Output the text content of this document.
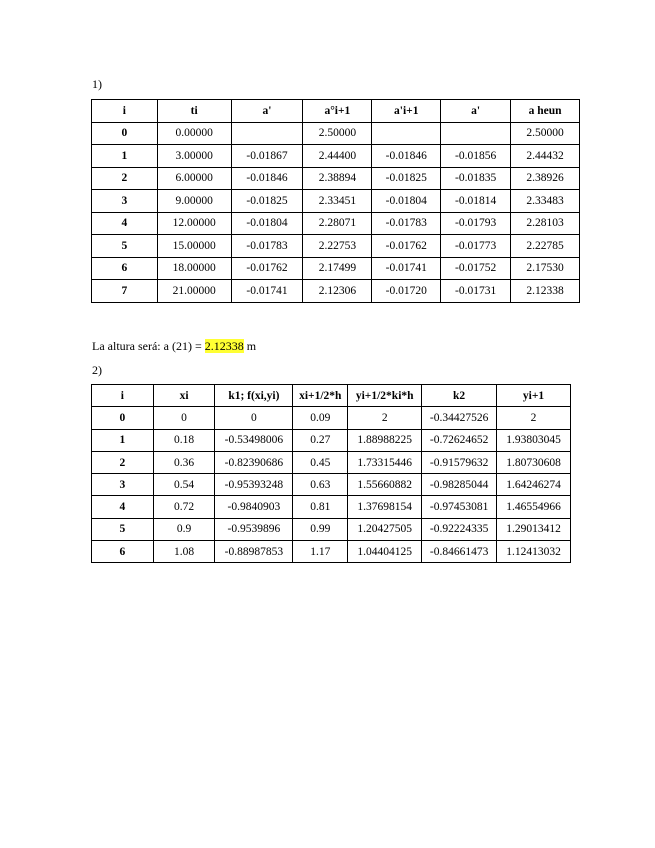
1)
i	ti	a'	a°i+1	a'i+1	a'	a heun
0	0.00000		2.50000			2.50000
1	3.00000	-0.01867	2.44400	-0.01846	-0.01856	2.44432
2	6.00000	-0.01846	2.38894	-0.01825	-0.01835	2.38926
3	9.00000	-0.01825	2.33451	-0.01804	-0.01814	2.33483
4	12.00000	-0.01804	2.28071	-0.01783	-0.01793	2.28103
5	15.00000	-0.01783	2.22753	-0.01762	-0.01773	2.22785
6	18.00000	-0.01762	2.17499	-0.01741	-0.01752	2.17530
7	21.00000	-0.01741	2.12306	-0.01720	-0.01731	2.12338
La altura será: a (21) = 2.12338 m
2)
i	xi	k1; f(xi,yi)	xi+1/2*h	yi+1/2*ki*h	k2	yi+1
0	0	0	0.09	2	-0.34427526	2
1	0.18	-0.53498006	0.27	1.88988225	-0.72624652	1.93803045
2	0.36	-0.82390686	0.45	1.73315446	-0.91579632	1.80730608
3	0.54	-0.95393248	0.63	1.55660882	-0.98285044	1.64246274
4	0.72	-0.9840903	0.81	1.37698154	-0.97453081	1.46554966
5	0.9	-0.9539896	0.99	1.20427505	-0.92224335	1.29013412
6	1.08	-0.88987853	1.17	1.04404125	-0.84661473	1.12413032
